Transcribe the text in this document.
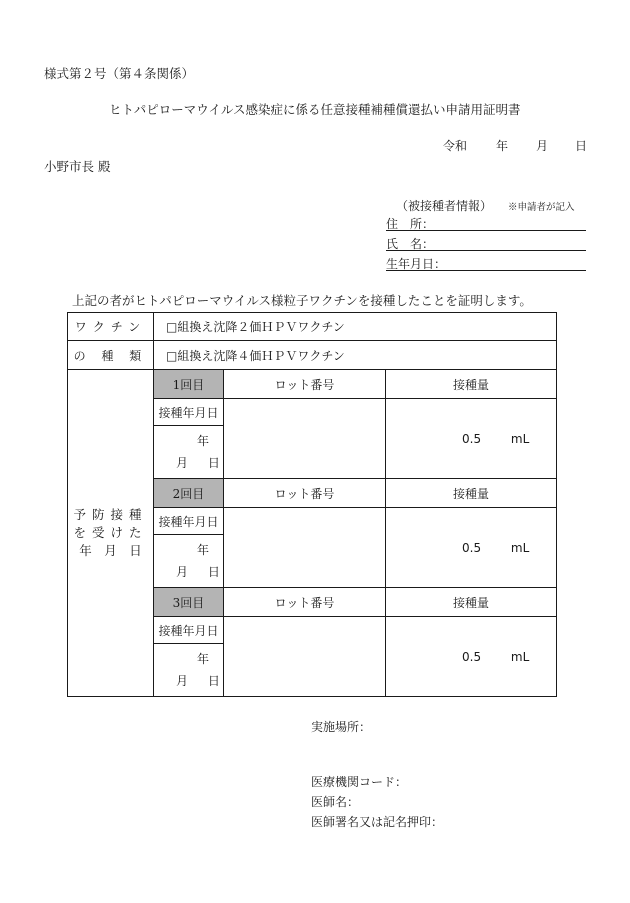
様式第２号（第４条関係）
ヒトパピローマウイルス感染症に係る任意接種補種償還払い申請用証明書
令和 年 月 日
小野市長 殿
（被接種者情報） ※申請者が記入
住　所：
氏　名：
生年月日：
上記の者がヒトパピローマウイルス様粒子ワクチンを接種したことを証明します。
ワクチン	□組換え沈降２価ＨＰＶワクチン		
の 種 類	□組換え沈降４価ＨＰＶワクチン		

予防接種
を受けた
年　月　日	1回目	ロット番号	接種量
	接種年月日		0.5 mL

	年
月 日		

	2回目	ロット番号	接種量
	接種年月日		0.5 mL

	年
月 日		

	3回目	ロット番号	接種量
	接種年月日		0.5 mL

	年
月 日		
実施場所：
医療機関コード：
医師名：
医師署名又は記名押印：
